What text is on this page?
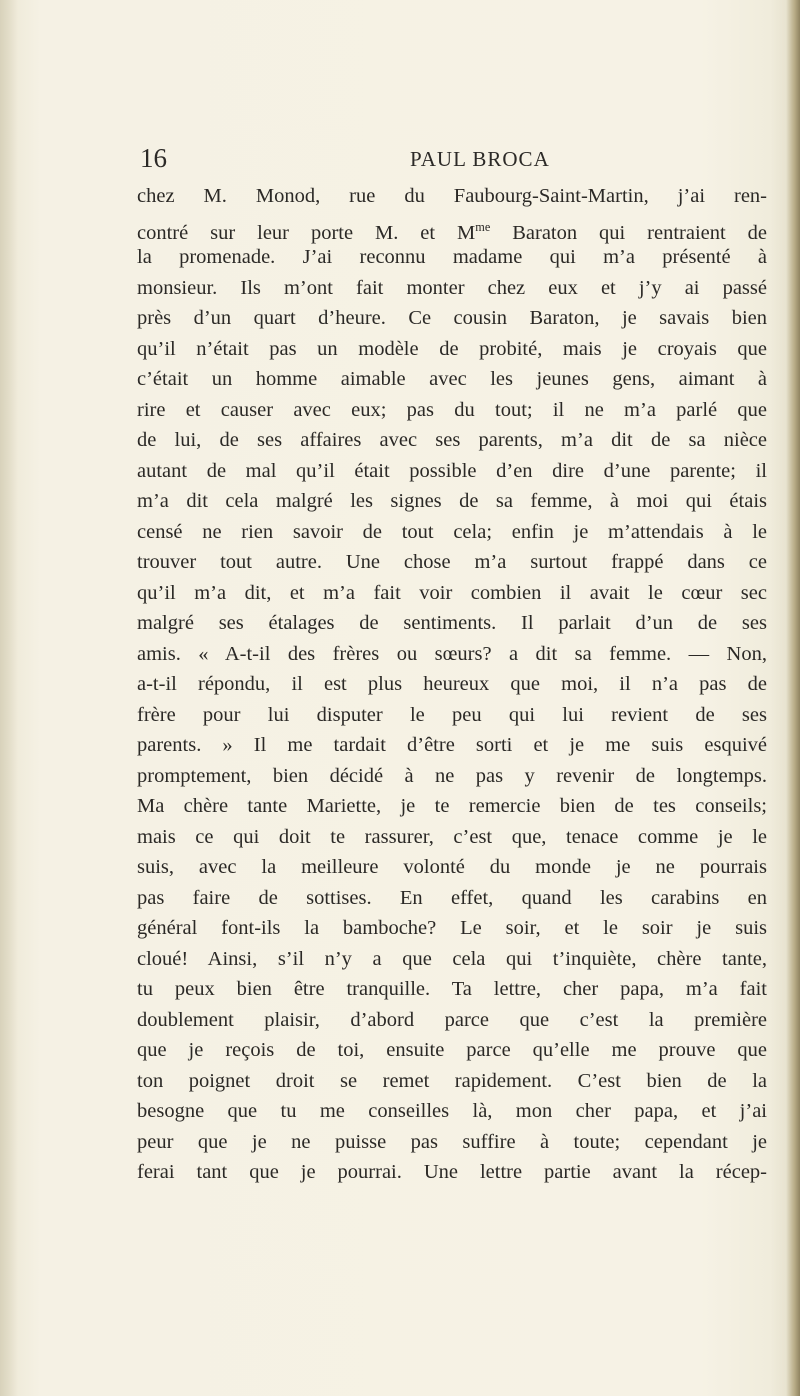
16	PAUL BROCA
chez M. Monod, rue du Faubourg-Saint-Martin, j’ai ren-
contré sur leur porte M. et $M^{me}$ Baraton qui rentraient de
la promenade. J’ai reconnu madame qui m’a présenté à
monsieur. Ils m’ont fait monter chez eux et j’y ai passé
près d’un quart d’heure. Ce cousin Baraton, je savais bien
qu’il n’était pas un modèle de probité, mais je croyais que
c’était un homme aimable avec les jeunes gens, aimant à
rire et causer avec eux; pas du tout; il ne m’a parlé que
de lui, de ses affaires avec ses parents, m’a dit de sa nièce
autant de mal qu’il était possible d’en dire d’une parente; il
m’a dit cela malgré les signes de sa femme, à moi qui étais
censé ne rien savoir de tout cela; enfin je m’attendais à le
trouver tout autre. Une chose m’a surtout frappé dans ce
qu’il m’a dit, et m’a fait voir combien il avait le cœur sec
malgré ses étalages de sentiments. Il parlait d’un de ses
amis. « A-t-il des frères ou sœurs? a dit sa femme. — Non,
a-t-il répondu, il est plus heureux que moi, il n’a pas de
frère pour lui disputer le peu qui lui revient de ses
parents. » Il me tardait d’être sorti et je me suis esquivé
promptement, bien décidé à ne pas y revenir de longtemps.
Ma chère tante Mariette, je te remercie bien de tes conseils;
mais ce qui doit te rassurer, c’est que, tenace comme je le
suis, avec la meilleure volonté du monde je ne pourrais
pas faire de sottises. En effet, quand les carabins en
général font-ils la bamboche? Le soir, et le soir je suis
cloué! Ainsi, s’il n’y a que cela qui t’inquiète, chère tante,
tu peux bien être tranquille. Ta lettre, cher papa, m’a fait
doublement plaisir, d’abord parce que c’est la première
que je reçois de toi, ensuite parce qu’elle me prouve que
ton poignet droit se remet rapidement. C’est bien de la
besogne que tu me conseilles là, mon cher papa, et j’ai
peur que je ne puisse pas suffire à toute; cependant je
ferai tant que je pourrai. Une lettre partie avant la récep-
